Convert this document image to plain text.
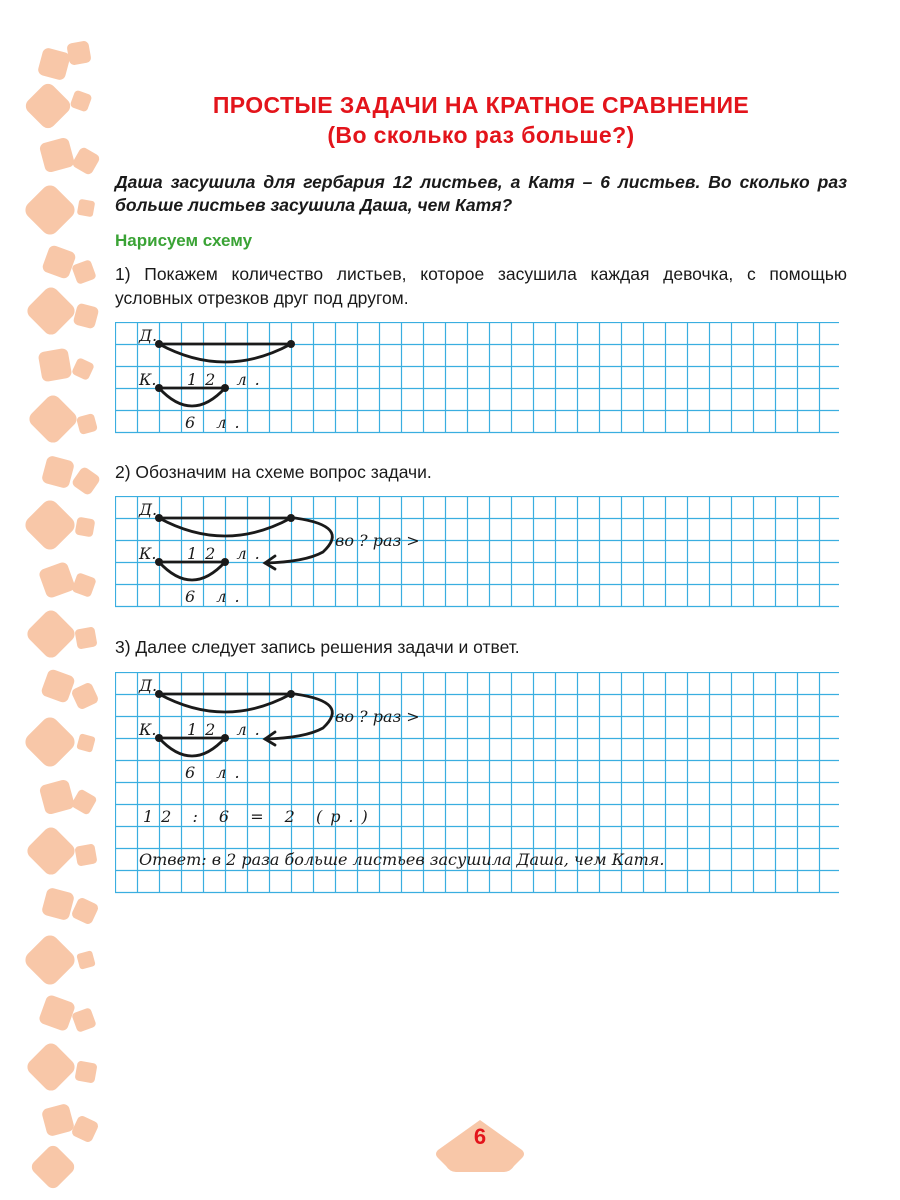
ПРОСТЫЕ ЗАДАЧИ НА КРАТНОЕ СРАВНЕНИЕ
(Во сколько раз больше?)
Даша засушила для гербария 12 листьев, а Катя – 6 листьев. Во сколько раз больше листьев засушила Даша, чем Катя?
Нарисуем схему
1) Покажем количество листьев, которое засушила каждая девочка, с помощью условных отрезков друг под другом.
Д.
К. 12 л.
6 л.
2) Обозначим на схеме вопрос задачи.
Д.
К. 12 л.
6 л.
во ? раз >
3) Далее следует запись решения задачи и ответ.
Д.
К. 12 л.
6 л.
во ? раз >
12 : 6 = 2 (р.)
Ответ: в 2 раза больше листьев засушила Даша, чем Катя.
6
